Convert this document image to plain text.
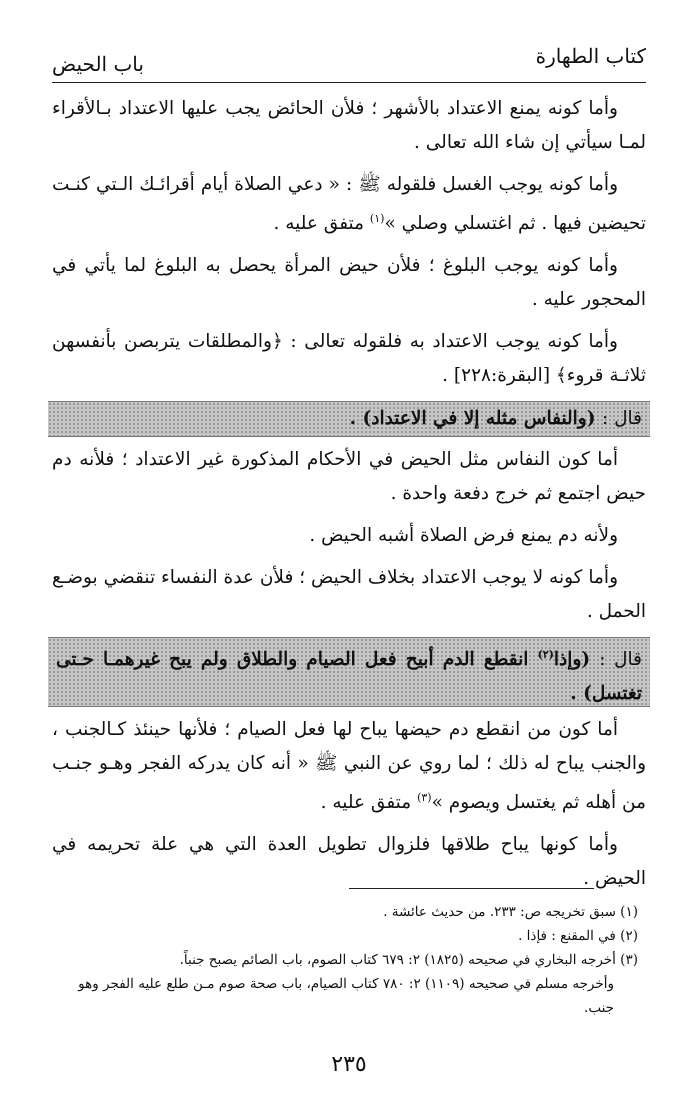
كتاب الطهارة
باب الحيض

وأما كونه يمنع الاعتداد بالأشهر ؛ فلأن الحائض يجب عليها الاعتداد بـالأقراء لمـا سيأتي إن شاء الله تعالى .

وأما كونه يوجب الغسل فلقوله ﷺ : « دعي الصلاة أيام أقرائـك الـتي كنـت تحيضين فيها . ثم اغتسلي وصلي »$^{(١)}$ متفق عليه .

وأما كونه يوجب البلوغ ؛ فلأن حيض المرأة يحصل به البلوغ لما يأتي في المحجور عليه .

وأما كونه يوجب الاعتداد به فلقوله تعالى : ﴿والمطلقات يتربصن بأنفسهن ثلاثـة قروء﴾ [البقرة:٢٢٨] .

قال : (والنفاس مثله إلا في الاعتداد) .

أما كون النفاس مثل الحيض في الأحكام المذكورة غير الاعتداد ؛ فلأنه دم حيض اجتمع ثم خرج دفعة واحدة .

ولأنه دم يمنع فرض الصلاة أشبه الحيض .

وأما كونه لا يوجب الاعتداد بخلاف الحيض ؛ فلأن عدة النفساء تنقضي بوضـع الحمل .

قال : (وإذا$^{(٢)}$ انقطع الدم أبيح فعل الصيام والطلاق ولم يبح غيرهمـا حـتى تغتسل) .

أما كون من انقطع دم حيضها يباح لها فعل الصيام ؛ فلأنها حينئذ كـالجنب ، والجنب يباح له ذلك ؛ لما روي عن النبي ﷺ « أنه كان يدركه الفجر وهـو جنـب من أهله ثم يغتسل ويصوم »$^{(٣)}$ متفق عليه .

وأما كونها يباح طلاقها فلزوال تطويل العدة التي هي علة تحريمه في الحيض .

(١) سبق تخريجه ص: ٢٣٣. من حديث عائشة .

(٢) في المقنع : فإذا .

(٣) أخرجه البخاري في صحيحه (١٨٢٥) ٢: ٦٧٩ كتاب الصوم، باب الصائم يصبح جنباً.

وأخرجه مسلم في صحيحه (١١٠٩) ٢: ٧٨٠ كتاب الصيام، باب صحة صوم مـن طلع عليه الفجر وهو جنب.

٢٣٥
